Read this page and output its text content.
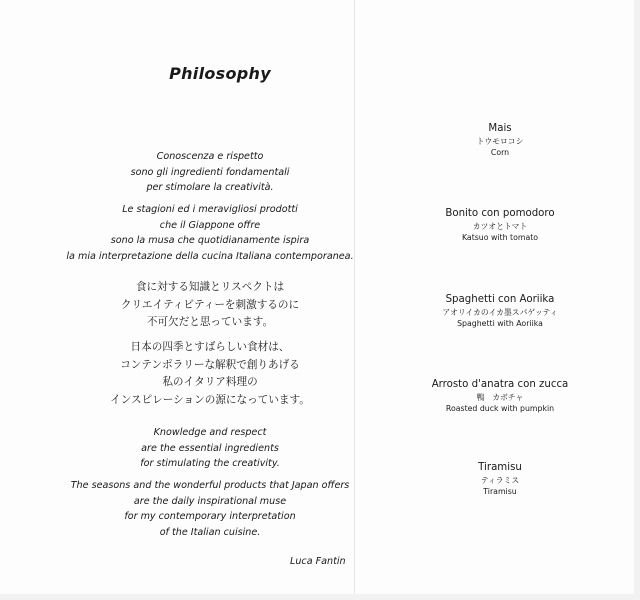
Philosophy
Conoscenza e rispetto
sono gli ingredienti fondamentali
per stimolare la creatività.
Le stagioni ed i meravigliosi prodotti
che il Giappone offre
sono la musa che quotidianamente ispira
la mia interpretazione della cucina Italiana contemporanea.
食に対する知識とリスペクトは
クリエイティビティーを刺激するのに
不可欠だと思っています。
日本の四季とすばらしい食材は、
コンテンポラリーな解釈で創りあげる
私のイタリア料理の
インスピレーションの源になっています。
Knowledge and respect
are the essential ingredients
for stimulating the creativity.
The seasons and the wonderful products that Japan offers
are the daily inspirational muse
for my contemporary interpretation
of the Italian cuisine.
Luca Fantin
Mais
トウモロコシ
Corn
Bonito con pomodoro
カツオとトマト
Katsuo with tomato
Spaghetti con Aoriika
アオリイカのイカ墨スパゲッティ
Spaghetti with Aoriika
Arrosto d'anatra con zucca
鴨　カボチャ
Roasted duck with pumpkin
Tiramisu
ティラミス
Tiramisu
